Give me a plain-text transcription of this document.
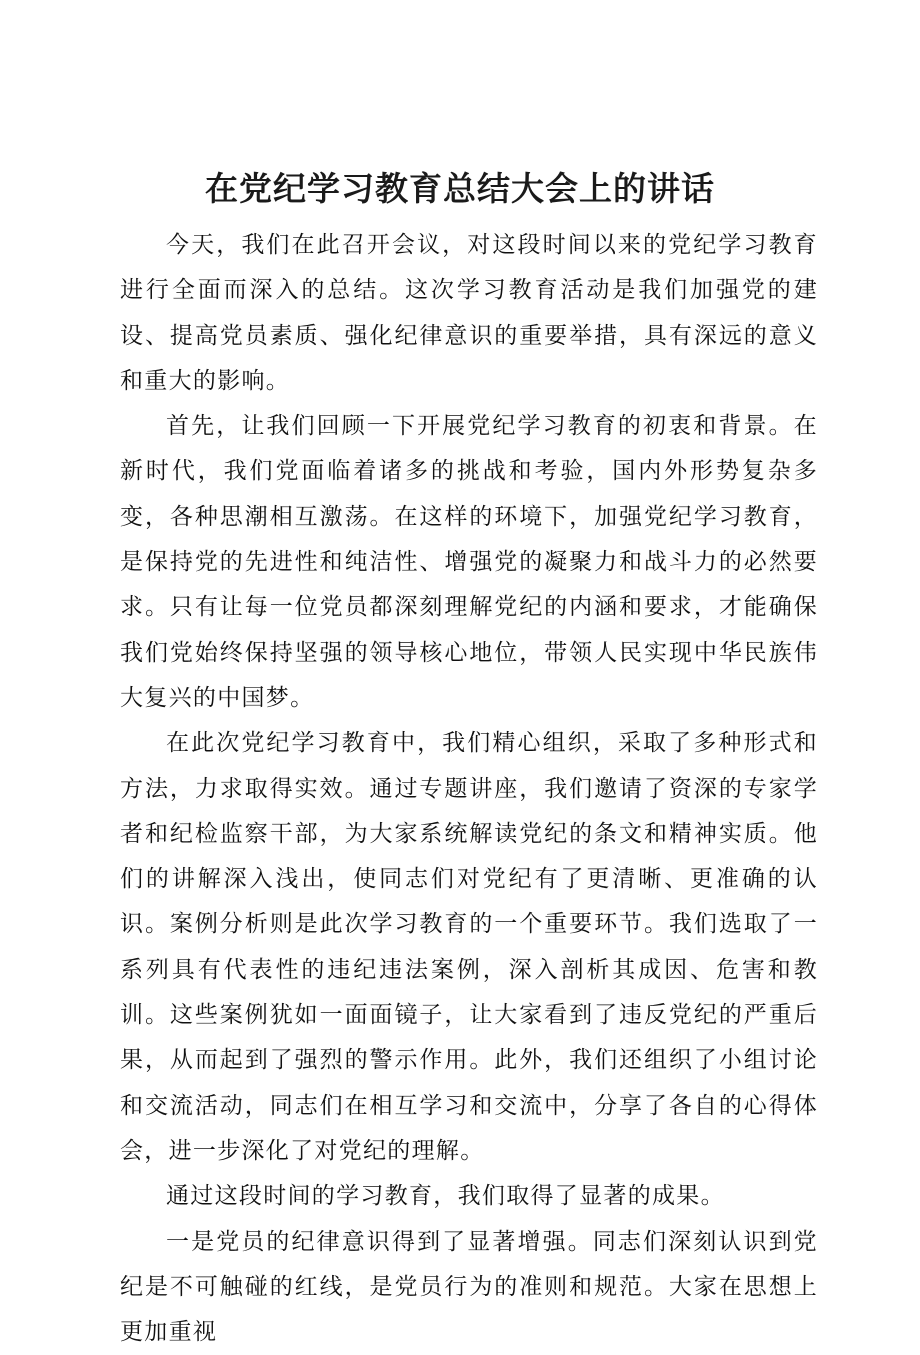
在党纪学习教育总结大会上的讲话

今天，我们在此召开会议，对这段时间以来的党纪学习教育进行全面而深入的总结。这次学习教育活动是我们加强党的建设、提高党员素质、强化纪律意识的重要举措，具有深远的意义和重大的影响。

首先，让我们回顾一下开展党纪学习教育的初衷和背景。在新时代，我们党面临着诸多的挑战和考验，国内外形势复杂多变，各种思潮相互激荡。在这样的环境下，加强党纪学习教育，是保持党的先进性和纯洁性、增强党的凝聚力和战斗力的必然要求。只有让每一位党员都深刻理解党纪的内涵和要求，才能确保我们党始终保持坚强的领导核心地位，带领人民实现中华民族伟大复兴的中国梦。

在此次党纪学习教育中，我们精心组织，采取了多种形式和方法，力求取得实效。通过专题讲座，我们邀请了资深的专家学者和纪检监察干部，为大家系统解读党纪的条文和精神实质。他们的讲解深入浅出，使同志们对党纪有了更清晰、更准确的认识。案例分析则是此次学习教育的一个重要环节。我们选取了一系列具有代表性的违纪违法案例，深入剖析其成因、危害和教训。这些案例犹如一面面镜子，让大家看到了违反党纪的严重后果，从而起到了强烈的警示作用。此外，我们还组织了小组讨论和交流活动，同志们在相互学习和交流中，分享了各自的心得体会，进一步深化了对党纪的理解。

通过这段时间的学习教育，我们取得了显著的成果。

一是党员的纪律意识得到了显著增强。同志们深刻认识到党纪是不可触碰的红线，是党员行为的准则和规范。大家在思想上更加重视
